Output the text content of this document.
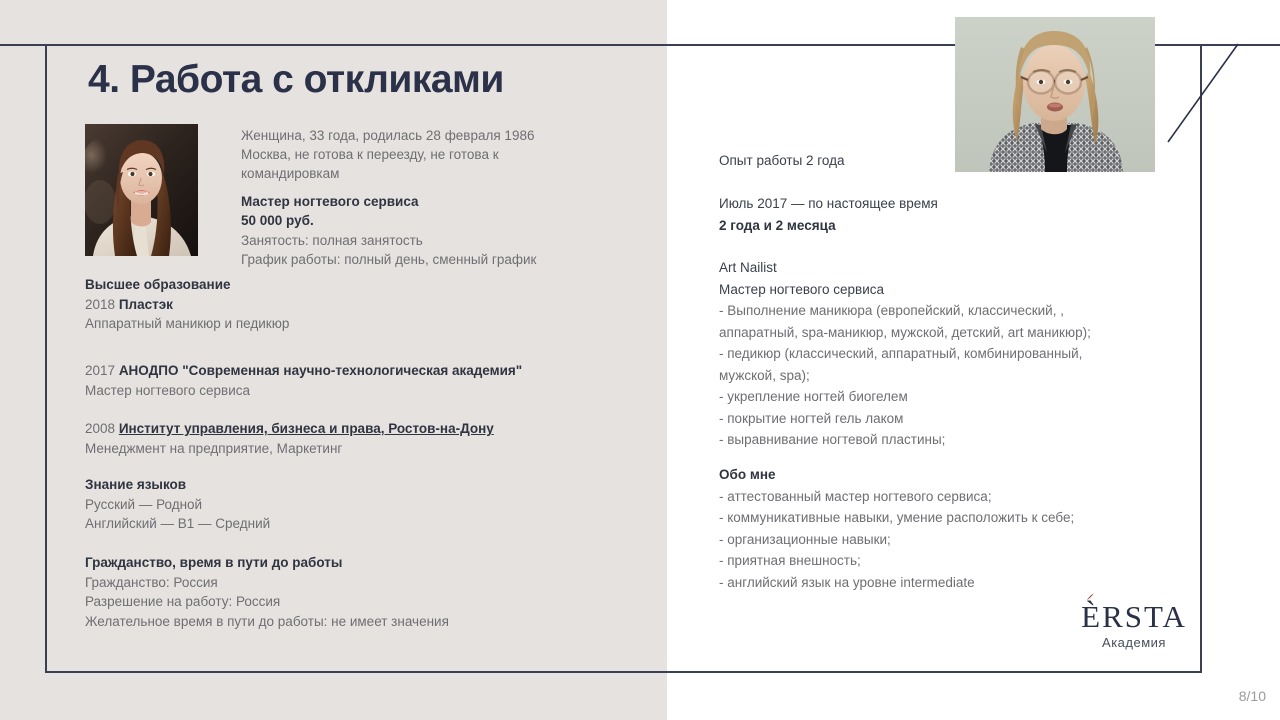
4. Работа с откликами
Женщина, 33 года, родилась 28 февраля 1986
Москва, не готова к переезду, не готова к
командировкам
Мастер ногтевого сервиса
50 000 руб.
Занятость: полная занятость
График работы: полный день, сменный график
Высшее образование
2018 Пластэк
Аппаратный маникюр и педикюр
2017 АНОДПО "Современная научно-технологическая академия"
Мастер ногтевого сервиса
2008 Институт управления, бизнеса и права, Ростов-на-Дону
Менеджмент на предприятие, Маркетинг
Знание языков
Русский — Родной
Английский — B1 — Средний
Гражданство, время в пути до работы
Гражданство: Россия
Разрешение на работу: Россия
Желательное время в пути до работы: не имеет значения
Опыт работы 2 года
Июль 2017 — по настоящее время
2 года и 2 месяца
Art Nailist
Мастер ногтевого сервиса
- Выполнение маникюра (европейский, классический, ,
аппаратный, spa-маникюр, мужской, детский, art маникюр);
- педикюр (классический, аппаратный, комбинированный,
мужской, spa);
- укрепление ногтей биогелем
- покрытие ногтей гель лаком
- выравнивание ногтевой пластины;
Обо мне
- аттестованный мастер ногтевого сервиса;
- коммуникативные навыки, умение расположить к себе;
- организационные навыки;
- приятная внешность;
- английский язык на уровне intermediate
ÈRSTA
Академия
8/10
